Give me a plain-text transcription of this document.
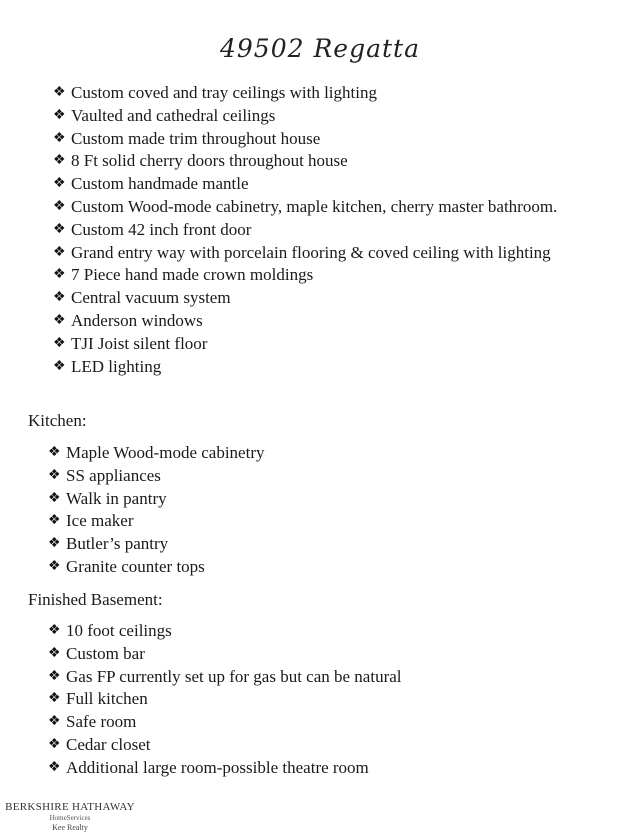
49502 Regatta
❖ Custom coved and tray ceilings with lighting
❖ Vaulted and cathedral ceilings
❖ Custom made trim throughout house
❖ 8 Ft solid cherry doors throughout house
❖ Custom handmade mantle
❖ Custom Wood-mode cabinetry, maple kitchen, cherry master bathroom.
❖ Custom 42 inch front door
❖ Grand entry way with porcelain flooring & coved ceiling with lighting
❖ 7 Piece hand made crown moldings
❖ Central vacuum system
❖ Anderson windows
❖ TJI Joist silent floor
❖ LED lighting
Kitchen:
❖ Maple Wood-mode cabinetry
❖ SS appliances
❖ Walk in pantry
❖ Ice maker
❖ Butler’s pantry
❖ Granite counter tops
Finished Basement:
❖ 10 foot ceilings
❖ Custom bar
❖ Gas FP currently set up for gas but can be natural
❖ Full kitchen
❖ Safe room
❖ Cedar closet
❖ Additional large room-possible theatre room
BERKSHIRE HATHAWAY
HomeServices
Kee Realty
